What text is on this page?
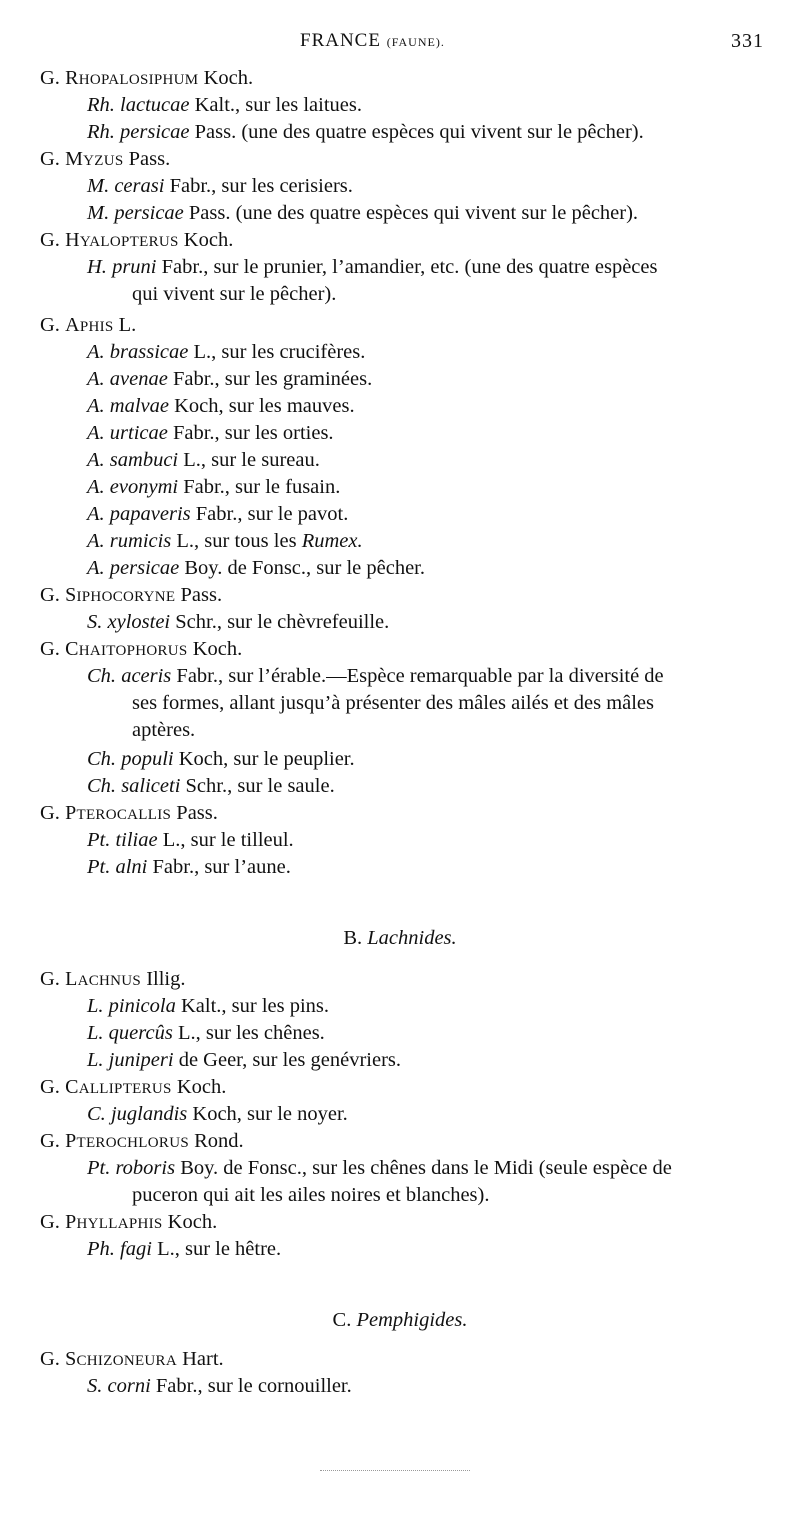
FRANCE (FAUNE).	331
G. RHOPALOSIPHUM Koch.
Rh. lactucae Kalt., sur les laitues.
Rh. persicae Pass. (une des quatre espèces qui vivent sur le pêcher).
G. MYZUS Pass.
M. cerasi Fabr., sur les cerisiers.
M. persicae Pass. (une des quatre espèces qui vivent sur le pêcher).
G. HYALOPTERUS Koch.
H. pruni Fabr., sur le prunier, l’amandier, etc. (une des quatre espèces
qui vivent sur le pêcher).
G. APHIS L.
A. brassicae L., sur les crucifères.
A. avenae Fabr., sur les graminées.
A. malvae Koch, sur les mauves.
A. urticae Fabr., sur les orties.
A. sambuci L., sur le sureau.
A. evonymi Fabr., sur le fusain.
A. papaveris Fabr., sur le pavot.
A. rumicis L., sur tous les Rumex.
A. persicae Boy. de Fonsc., sur le pêcher.
G. SIPHOCORYNE Pass.
S. xylostei Schr., sur le chèvrefeuille.
G. CHAITOPHORUS Koch.
Ch. aceris Fabr., sur l’érable.—Espèce remarquable par la diversité de
ses formes, allant jusqu’à présenter des mâles ailés et des mâles
aptères.
Ch. populi Koch, sur le peuplier.
Ch. saliceti Schr., sur le saule.
G. PTEROCALLIS Pass.
Pt. tiliae L., sur le tilleul.
Pt. alni Fabr., sur l’aune.
B. Lachnides.
G. LACHNUS Illig.
L. pinicola Kalt., sur les pins.
L. quercûs L., sur les chênes.
L. juniperi de Geer, sur les genévriers.
G. CALLIPTERUS Koch.
C. juglandis Koch, sur le noyer.
G. PTEROCHLORUS Rond.
Pt. roboris Boy. de Fonsc., sur les chênes dans le Midi (seule espèce de
puceron qui ait les ailes noires et blanches).
G. PHYLLAPHIS Koch.
Ph. fagi L., sur le hêtre.
C. Pemphigides.
G. SCHIZONEURA Hart.
S. corni Fabr., sur le cornouiller.
